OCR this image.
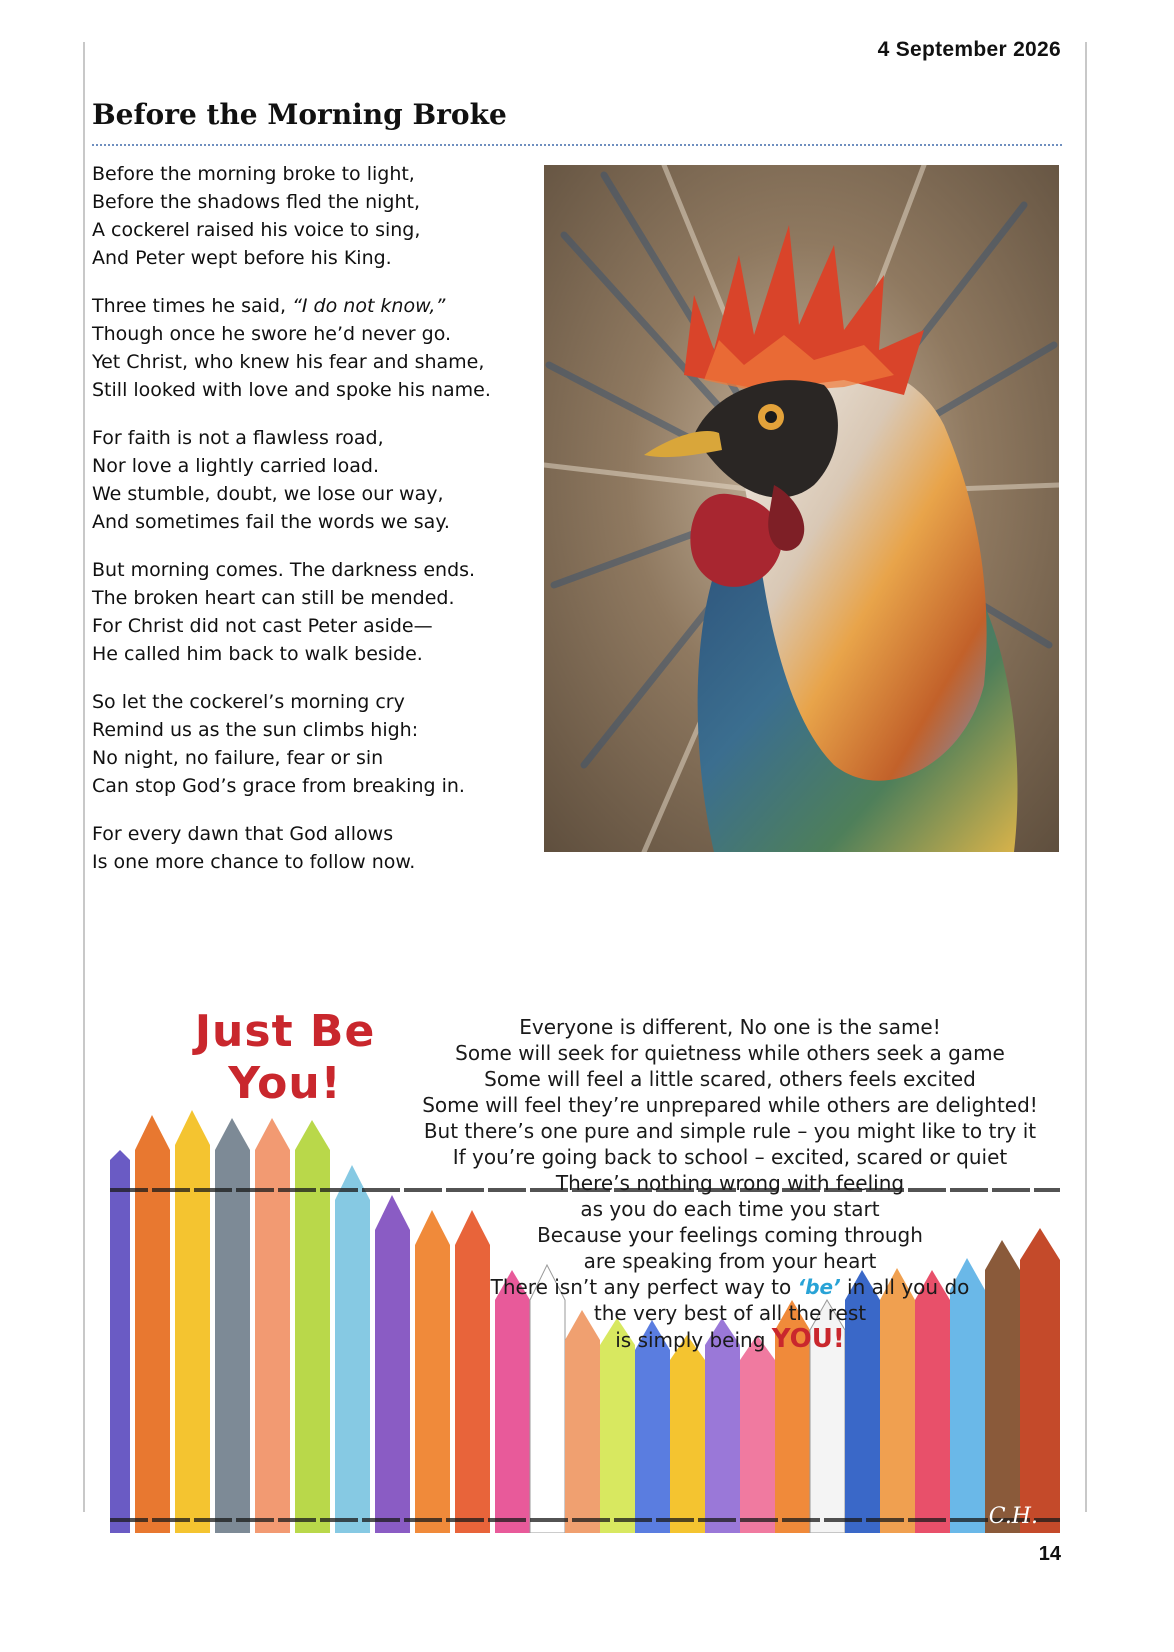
4 September 2026
Before the Morning Broke

Before the morning broke to light,
Before the shadows fled the night,
A cockerel raised his voice to sing,
And Peter wept before his King.

Three times he said, “I do not know,”
Though once he swore he’d never go.
Yet Christ, who knew his fear and shame,
Still looked with love and spoke his name.

For faith is not a flawless road,
Nor love a lightly carried load.
We stumble, doubt, we lose our way,
And sometimes fail the words we say.

But morning comes. The darkness ends.
The broken heart can still be mended.
For Christ did not cast Peter aside—
He called him back to walk beside.

So let the cockerel’s morning cry
Remind us as the sun climbs high:
No night, no failure, fear or sin
Can stop God’s grace from breaking in.

For every dawn that God allows
Is one more chance to follow now.

Just Be
You!
Everyone is different, No one is the same!
Some will seek for quietness while others seek a game
Some will feel a little scared, others feels excited
Some will feel they’re unprepared while others are delighted!
But there’s one pure and simple rule – you might like to try it
If you’re going back to school – excited, scared or quiet
There’s nothing wrong with feeling
as you do each time you start
Because your feelings coming through
are speaking from your heart
There isn’t any perfect way to ‘be’ in all you do
the very best of all the rest
is simply being YOU!
C.H.
14
